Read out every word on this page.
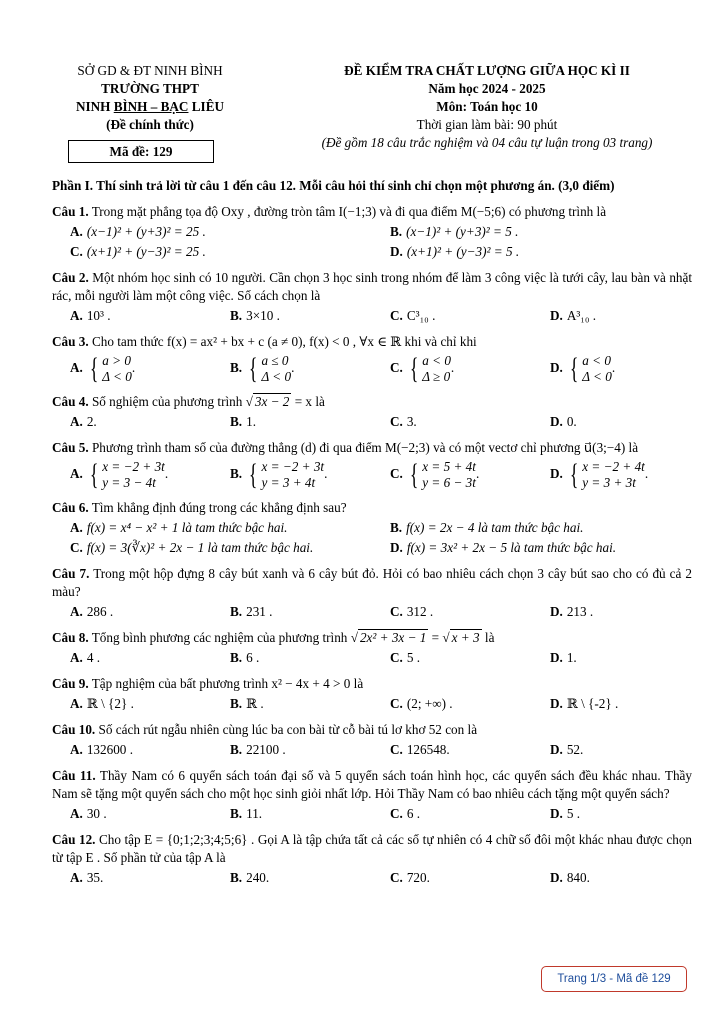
SỞ GD & ĐT NINH BÌNH
TRƯỜNG THPT
NINH BÌNH – BẠC LIÊU
(Đề chính thức)
Mã đề: 129
ĐỀ KIỂM TRA CHẤT LƯỢNG GIỮA HỌC KÌ II
Năm học 2024 - 2025
Môn: Toán học 10
Thời gian làm bài: 90 phút
(Đề gồm 18 câu trắc nghiệm và 04 câu tự luận trong 03 trang)
Phần I. Thí sinh trả lời từ câu 1 đến câu 12. Mỗi câu hỏi thí sinh chỉ chọn một phương án. (3,0 điểm)
Câu 1. Trong mặt phẳng tọa độ Oxy , đường tròn tâm I(−1;3) và đi qua điểm M(−5;6) có phương trình là
A. (x−1)² + (y+3)² = 25 .	B. (x−1)² + (y+3)² = 5 .
C. (x+1)² + (y−3)² = 25 .	D. (x+1)² + (y−3)² = 5 .
Câu 2. Một nhóm học sinh có 10 người. Cần chọn 3 học sinh trong nhóm để làm 3 công việc là tưới cây, lau bàn và nhặt rác, mỗi người làm một công việc. Số cách chọn là
A. 10³ .	B. 3×10 .	C. C³₁₀ .	D. A³₁₀ .
Câu 3. Cho tam thức f(x) = ax² + bx + c (a ≠ 0), f(x) < 0 , ∀x ∈ ℝ khi và chỉ khi
A. { a > 0
Δ < 0
.	B. { a ≤ 0
Δ < 0
.	C. { a < 0
Δ ≥ 0
.	D. { a < 0
Δ < 0
.
Câu 4. Số nghiệm của phương trình √ 3x − 2 = x là
A. 2.	B. 1.	C. 3.	D. 0.
Câu 5. Phương trình tham số của đường thẳng (d) đi qua điểm M(−2;3) và có một vectơ chỉ phương u⃗(3;−4) là
A. { x = −2 + 3t
y = 3 − 4t
.	B. { x = −2 + 3t
y = 3 + 4t
.	C. { x = 5 + 4t
y = 6 − 3t
.	D. { x = −2 + 4t
y = 3 + 3t
.
Câu 6. Tìm khẳng định đúng trong các khẳng định sau?
A. f(x) = x⁴ − x² + 1 là tam thức bậc hai.	B. f(x) = 2x − 4 là tam thức bậc hai.
C. f(x) = 3(∛x)² + 2x − 1 là tam thức bậc hai.	D. f(x) = 3x² + 2x − 5 là tam thức bậc hai.
Câu 7. Trong một hộp đựng 8 cây bút xanh và 6 cây bút đỏ. Hỏi có bao nhiêu cách chọn 3 cây bút sao cho có đủ cả 2 màu?
A. 286 .	B. 231 .	C. 312 .	D. 213 .
Câu 8. Tổng bình phương các nghiệm của phương trình √ 2x² + 3x − 1 = √ x + 3 là
A. 4 .	B. 6 .	C. 5 .	D. 1.
Câu 9. Tập nghiệm của bất phương trình x² − 4x + 4 > 0 là
A. ℝ \ {2} .	B. ℝ .	C. (2; +∞) .	D. ℝ \ {-2} .
Câu 10. Số cách rút ngẫu nhiên cùng lúc ba con bài từ cỗ bài tú lơ khơ 52 con là
A. 132600 .	B. 22100 .	C. 126548.	D. 52.
Câu 11. Thầy Nam có 6 quyển sách toán đại số và 5 quyển sách toán hình học, các quyển sách đều khác nhau. Thầy Nam sẽ tặng một quyển sách cho một học sinh giỏi nhất lớp. Hỏi Thầy Nam có bao nhiêu cách tặng một quyển sách?
A. 30 .	B. 11.	C. 6 .	D. 5 .
Câu 12. Cho tập E = {0;1;2;3;4;5;6} . Gọi A là tập chứa tất cả các số tự nhiên có 4 chữ số đôi một khác nhau được chọn từ tập E . Số phần tử của tập A là
A. 35.	B. 240.	C. 720.	D. 840.
Trang 1/3 - Mã đề 129
